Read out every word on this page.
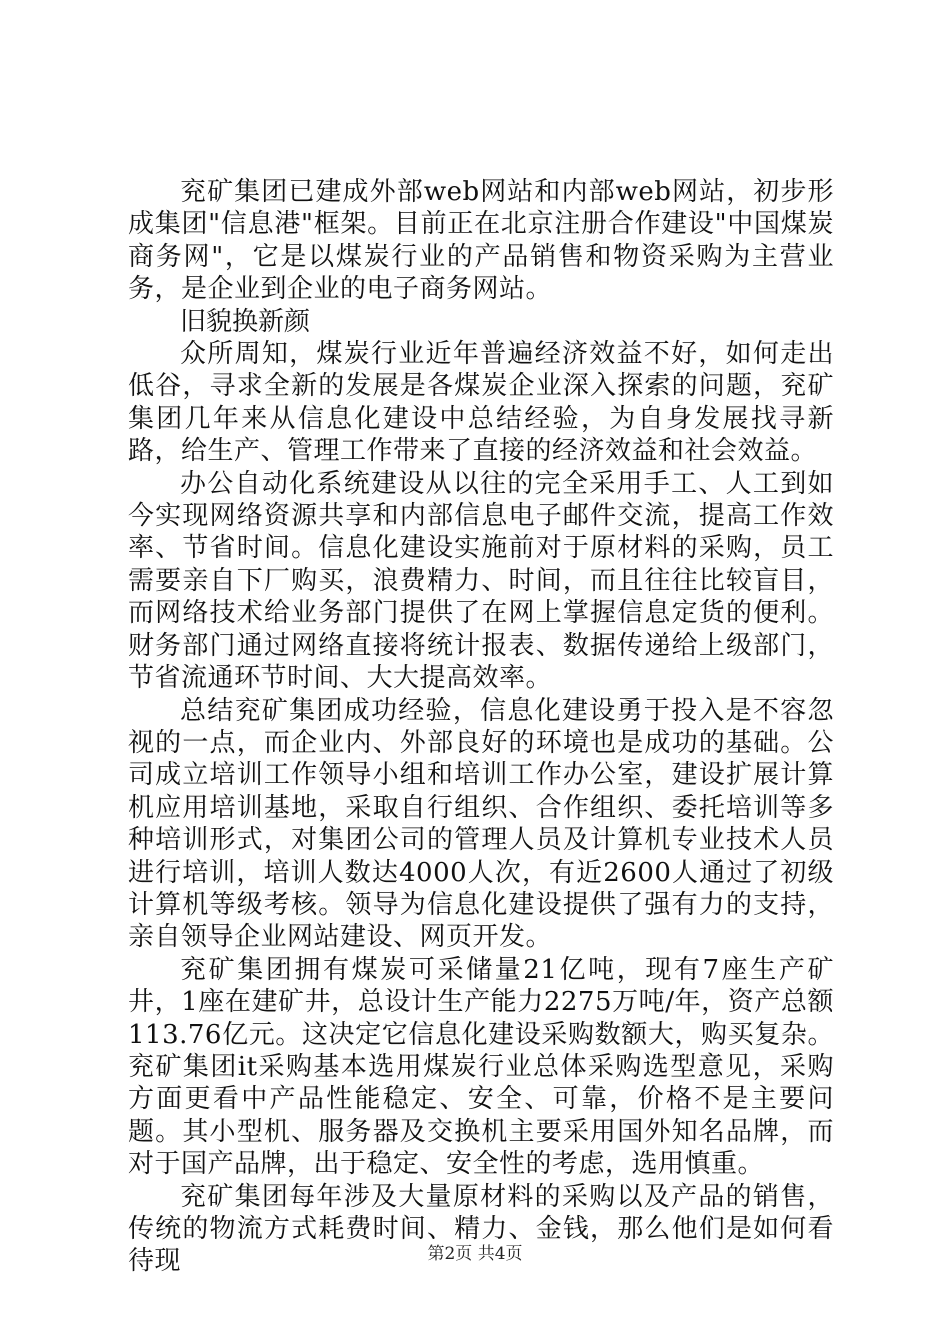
兖矿集团已建成外部web网站和内部web网站，初步形成集团"信息港"框架。目前正在北京注册合作建设"中国煤炭商务网"，它是以煤炭行业的产品销售和物资采购为主营业务，是企业到企业的电子商务网站。

旧貌换新颜

众所周知，煤炭行业近年普遍经济效益不好，如何走出低谷，寻求全新的发展是各煤炭企业深入探索的问题，兖矿集团几年来从信息化建设中总结经验，为自身发展找寻新路，给生产、管理工作带来了直接的经济效益和社会效益。

办公自动化系统建设从以往的完全采用手工、人工到如今实现网络资源共享和内部信息电子邮件交流，提高工作效率、节省时间。信息化建设实施前对于原材料的采购，员工需要亲自下厂购买，浪费精力、时间，而且往往比较盲目，而网络技术给业务部门提供了在网上掌握信息定货的便利。财务部门通过网络直接将统计报表、数据传递给上级部门，节省流通环节时间、大大提高效率。

总结兖矿集团成功经验，信息化建设勇于投入是不容忽视的一点，而企业内、外部良好的环境也是成功的基础。公司成立培训工作领导小组和培训工作办公室，建设扩展计算机应用培训基地，采取自行组织、合作组织、委托培训等多种培训形式，对集团公司的管理人员及计算机专业技术人员进行培训，培训人数达4000人次，有近2600人通过了初级计算机等级考核。领导为信息化建设提供了强有力的支持，亲自领导企业网站建设、网页开发。

兖矿集团拥有煤炭可采储量21亿吨，现有7座生产矿井，1座在建矿井，总设计生产能力2275万吨/年，资产总额113.76亿元。这决定它信息化建设采购数额大，购买复杂。兖矿集团it采购基本选用煤炭行业总体采购选型意见，采购方面更看中产品性能稳定、安全、可靠，价格不是主要问题。其小型机、服务器及交换机主要采用国外知名品牌，而对于国产品牌，出于稳定、安全性的考虑，选用慎重。

兖矿集团每年涉及大量原材料的采购以及产品的销售，传统的物流方式耗费时间、精力、金钱，那么他们是如何看待现	第2页 共4页
